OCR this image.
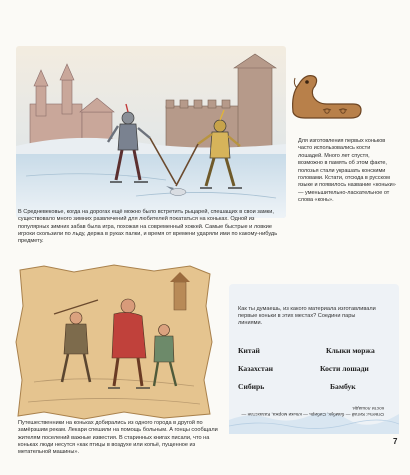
Для изготовления первых коньков часто использовались кости лошадей. Много лет спустя, возможно в память об этом факте, полозья стали украшать конскими головами. Кстати, отсюда в русском языке и появилось название «коньки» — уменьшительно-ласкательное от слова «конь».
В Средневековье, когда на дорогах ещё можно было встретить рыцарей, спешащих в свои замки, существовало много зимних развлечений для любителей покататься на коньках. Одной из популярных зимних забав была игра, похожая на современный хоккей. Самые быстрые и ловкие игроки скользили по льду, держа в руках палки, и время от времени ударяли ими по какому-нибудь предмету.
Путешественники на коньках добирались из одного города в другой по замёрзшим рекам. Лекари спешили на помощь больным. А гонцы сообщали жителям поселений важные известия. В старинных книгах писали, что на коньках люди несутся «как птицы в воздухе или копьё, пущенное из метательной машины».
Как ты думаешь, из какого материала изготавливали первые коньки в этих местах? Соедини пары линиями.
Китай
Казахстан
Сибирь
Клыки моржа
Кости лошади
Бамбук
Ответы: Китай — бамбук, Сибирь — клыки моржа, Казахстан — кости лошади.
7
